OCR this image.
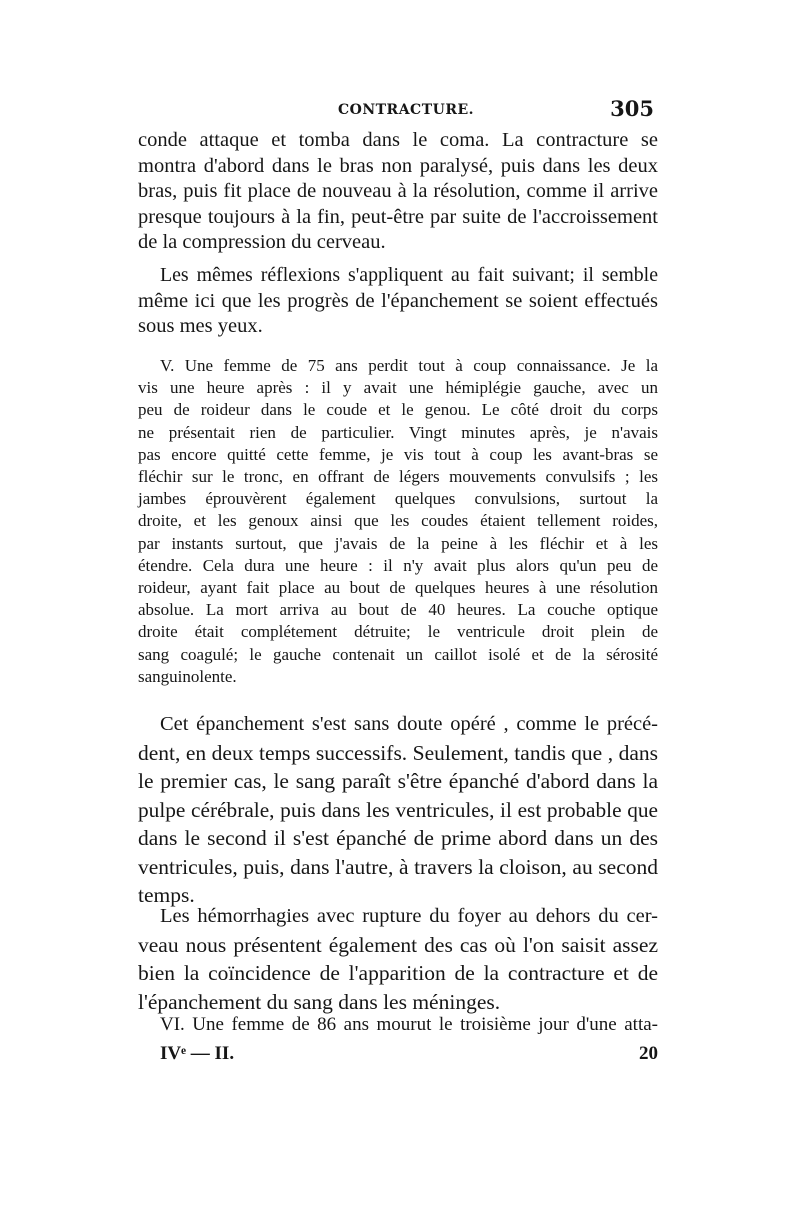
CONTRACTURE.	305
conde attaque et tomba dans le coma. La contracture se
montra d'abord dans le bras non paralysé, puis dans les deux
bras, puis fit place de nouveau à la résolution, comme il arrive
presque toujours à la fin, peut-être par suite de l'accroissement
de la compression du cerveau.
Les mêmes réflexions s'appliquent au fait suivant; il semble
même ici que les progrès de l'épanchement se soient effectués
sous mes yeux.
V. Une femme de 75 ans perdit tout à coup connaissance. Je la
vis une heure après : il y avait une hémiplégie gauche, avec un
peu de roideur dans le coude et le genou. Le côté droit du corps
ne présentait rien de particulier. Vingt minutes après, je n'avais
pas encore quitté cette femme, je vis tout à coup les avant-bras se
fléchir sur le tronc, en offrant de légers mouvements convulsifs ; les
jambes éprouvèrent également quelques convulsions, surtout la
droite, et les genoux ainsi que les coudes étaient tellement roides,
par instants surtout, que j'avais de la peine à les fléchir et à les
étendre. Cela dura une heure : il n'y avait plus alors qu'un peu de
roideur, ayant fait place au bout de quelques heures à une résolution
absolue. La mort arriva au bout de 40 heures. La couche optique
droite était complétement détruite; le ventricule droit plein de
sang coagulé; le gauche contenait un caillot isolé et de la sérosité
sanguinolente.
Cet épanchement s'est sans doute opéré , comme le précé-
dent, en deux temps successifs. Seulement, tandis que , dans
le premier cas, le sang paraît s'être épanché d'abord dans la
pulpe cérébrale, puis dans les ventricules, il est probable que
dans le second il s'est épanché de prime abord dans un des
ventricules, puis, dans l'autre, à travers la cloison, au second
temps.
Les hémorrhagies avec rupture du foyer au dehors du cer-
veau nous présentent également des cas où l'on saisit assez
bien la coïncidence de l'apparition de la contracture et de
l'épanchement du sang dans les méninges.
VI. Une femme de 86 ans mourut le troisième jour d'une atta-
IVᵉ — II.	20
